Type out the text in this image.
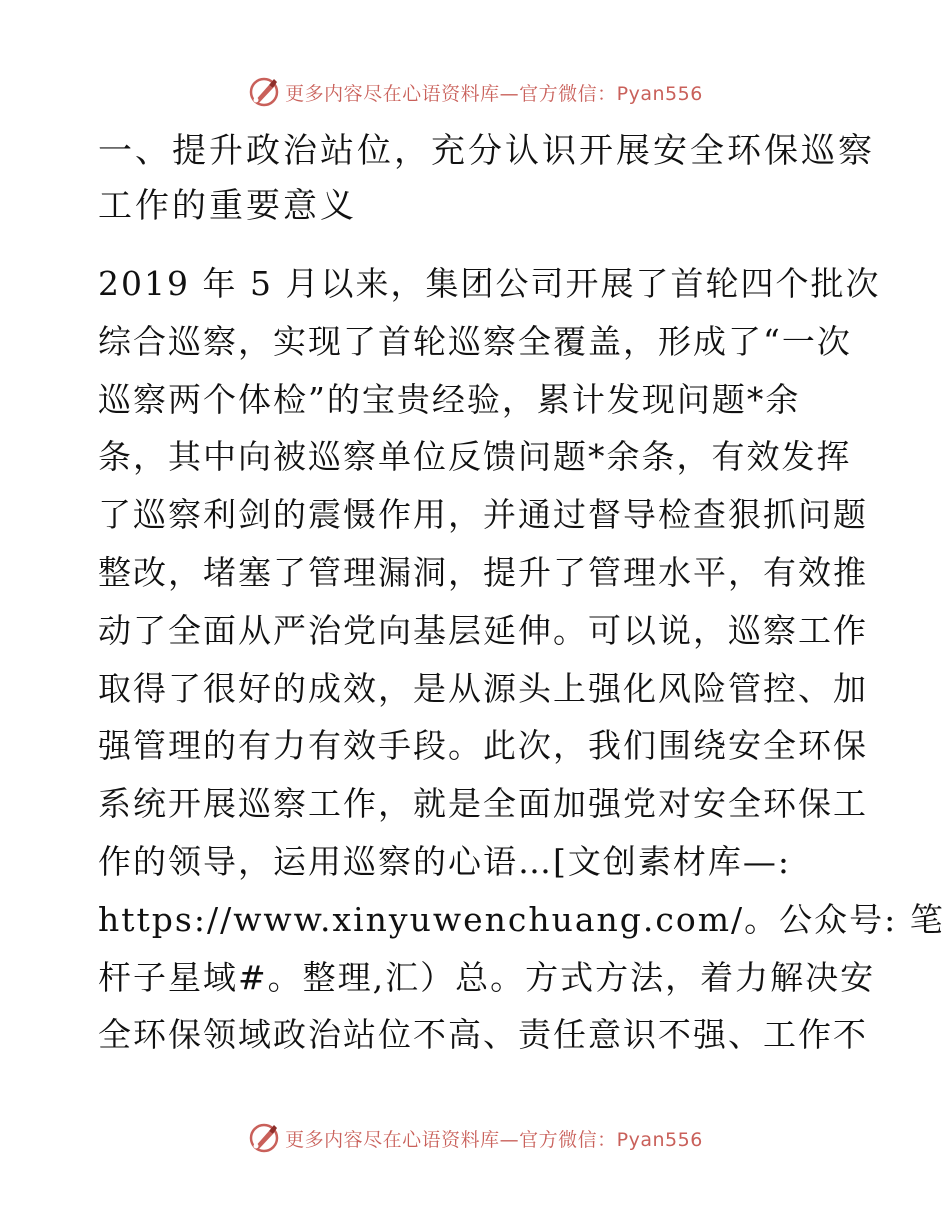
更多内容尽在心语资料库—官方微信：Pyan556
一、提升政治站位，充分认识开展安全环保巡察
工作的重要意义
2019 年 5 月以来，集团公司开展了首轮四个批次
综合巡察，实现了首轮巡察全覆盖，形成了“一次
巡察两个体检”的宝贵经验，累计发现问题*余
条，其中向被巡察单位反馈问题*余条，有效发挥
了巡察利剑的震慑作用，并通过督导检查狠抓问题
整改，堵塞了管理漏洞，提升了管理水平，有效推
动了全面从严治党向基层延伸。可以说，巡察工作
取得了很好的成效，是从源头上强化风险管控、加
强管理的有力有效手段。此次，我们围绕安全环保
系统开展巡察工作，就是全面加强党对安全环保工
作的领导，运用巡察的心语…[文创素材库—:
https://www.xinyuwenchuang.com/。公众号: 笔
杆子星域#。整理,汇）总。方式方法，着力解决安
全环保领域政治站位不高、责任意识不强、工作不
更多内容尽在心语资料库—官方微信：Pyan556
